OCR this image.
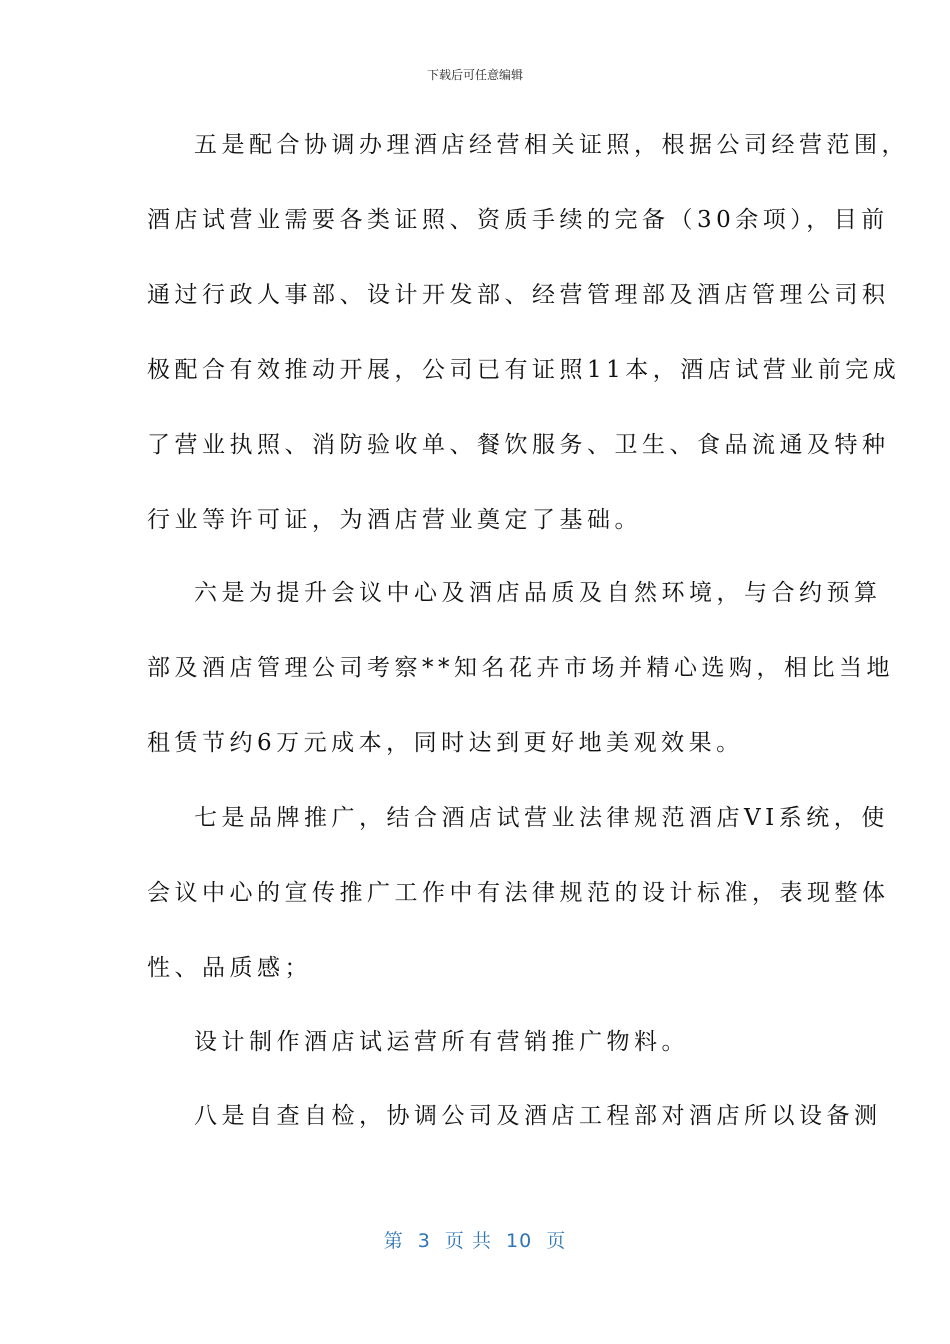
下载后可任意编辑
五是配合协调办理酒店经营相关证照，根据公司经营范围，
酒店试营业需要各类证照、资质手续的完备（30余项），目前
通过行政人事部、设计开发部、经营管理部及酒店管理公司积
极配合有效推动开展，公司已有证照11本，酒店试营业前完成
了营业执照、消防验收单、餐饮服务、卫生、食品流通及特种
行业等许可证，为酒店营业奠定了基础。
六是为提升会议中心及酒店品质及自然环境，与合约预算
部及酒店管理公司考察**知名花卉市场并精心选购，相比当地
租赁节约6万元成本，同时达到更好地美观效果。
七是品牌推广，结合酒店试营业法律规范酒店VI系统，使
会议中心的宣传推广工作中有法律规范的设计标准，表现整体
性、品质感；
设计制作酒店试运营所有营销推广物料。
八是自查自检，协调公司及酒店工程部对酒店所以设备测
第  3  页 共  10  页
